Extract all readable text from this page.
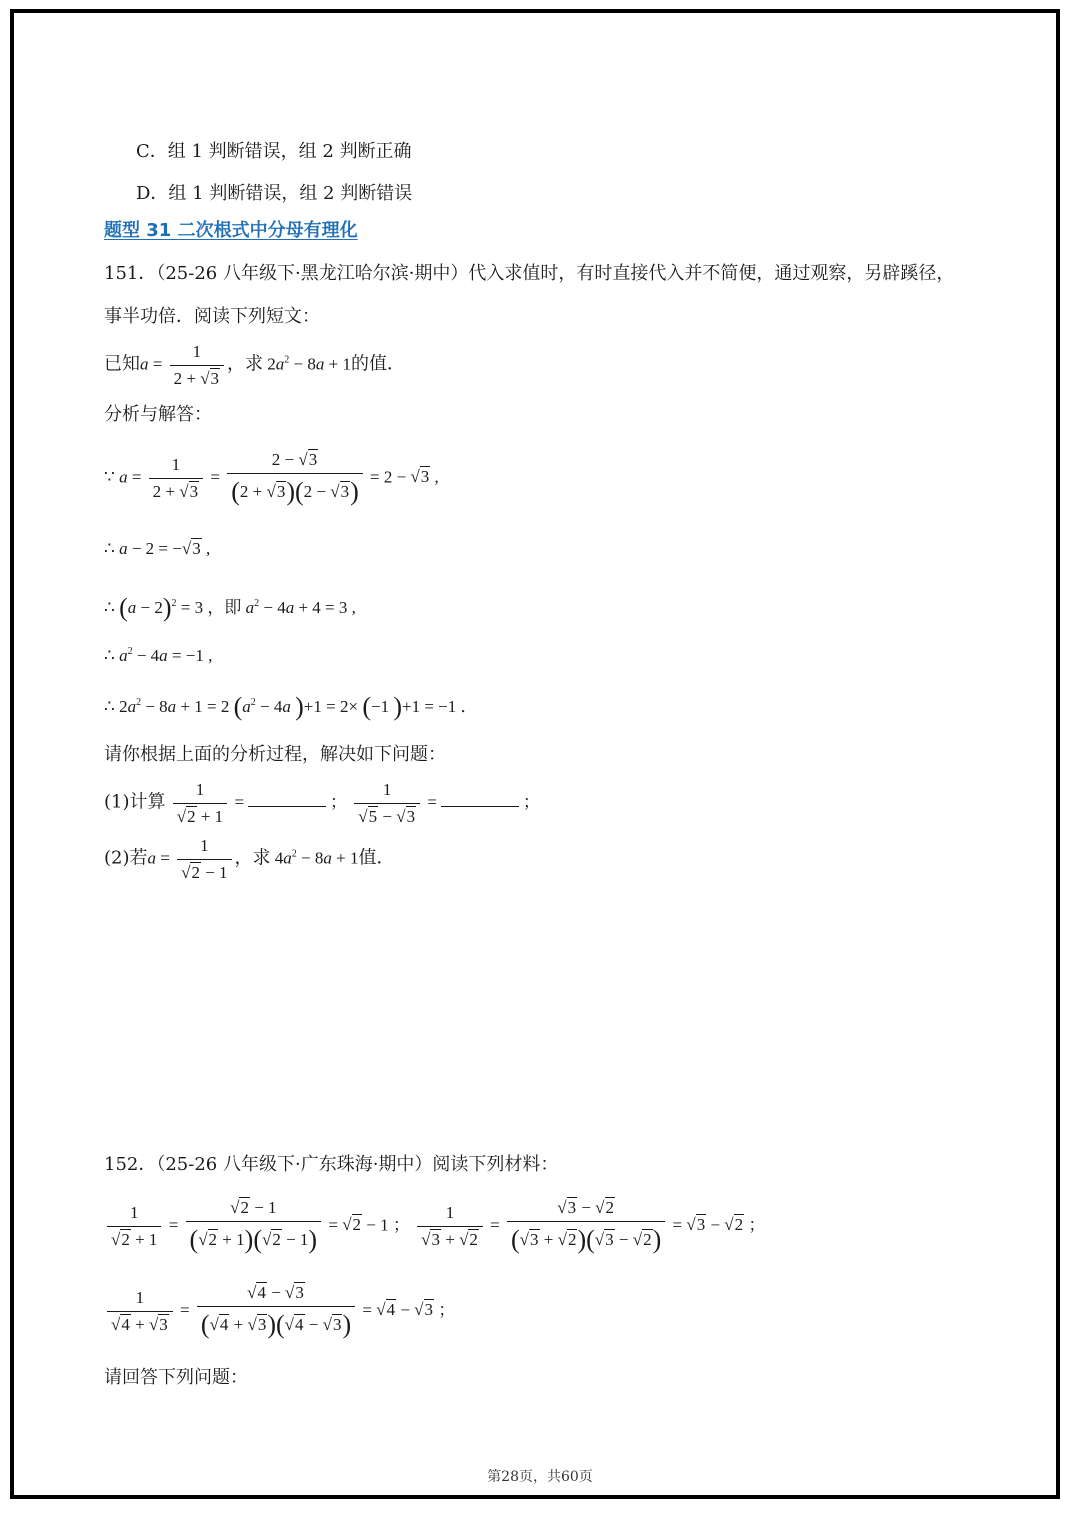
C．组 1 判断错误，组 2 判断正确
D．组 1 判断错误，组 2 判断错误
题型 31 二次根式中分母有理化
151．（25-26 八年级下·黑龙江哈尔滨·期中）代入求值时，有时直接代入并不简便，通过观察，另辟蹊径，
事半功倍．阅读下列短文：
已知$a = \frac{1}{2 + √ 3}$ ，求 $2a^2 - 8a + 1$的值．
分析与解答：
∵ $a = \frac{1}{2 + √ 3} = \frac{2 - √ 3}{(2 + √ 3)(2 - √ 3)} = 2$ − √ 3 ,
∴ a − 2 = − √ 3 ,
∴ $(a - 2)^2 = 3$ ，即 $a^2 - 4a + 4 = 3$ ,
∴ $a^2 - 4a = -1$ ,
∴ $2a^2 - 8a + 1 = 2$ ($a^2 - 4a$ )+1 = 2× (−1 )+1 = −1 ．
请你根据上面的分析过程，解决如下问题：
(1)计算 1
√ 2 + 1 =	； 1
√ 5 − √ 3 =	；
(2)若a = 1
√ 2 − 1 ，求 $4a^2 - 8a + 1$值．
152．（25-26 八年级下·广东珠海·期中）阅读下列材料：
1
√ 2 + 1 = √ $\frac{2 - 1}{( √ 2 + 1)( √ 2 - 1)}$ = √ 2 − 1 ； 1
√ 3 + √ 2 = √ $\frac{3 - √ 2}{( √ 3 + √ 2)( √ 3 - √ 2)}$ = √ 3 − √ 2 ；
1
√ 4 + √ 3 = √ $\frac{4 - √ 3}{( √ 4 + √ 3)( √ 4 - √ 3)}$ = √ 4 − √ 3 ；
请回答下列问题：
第28页，共60页
